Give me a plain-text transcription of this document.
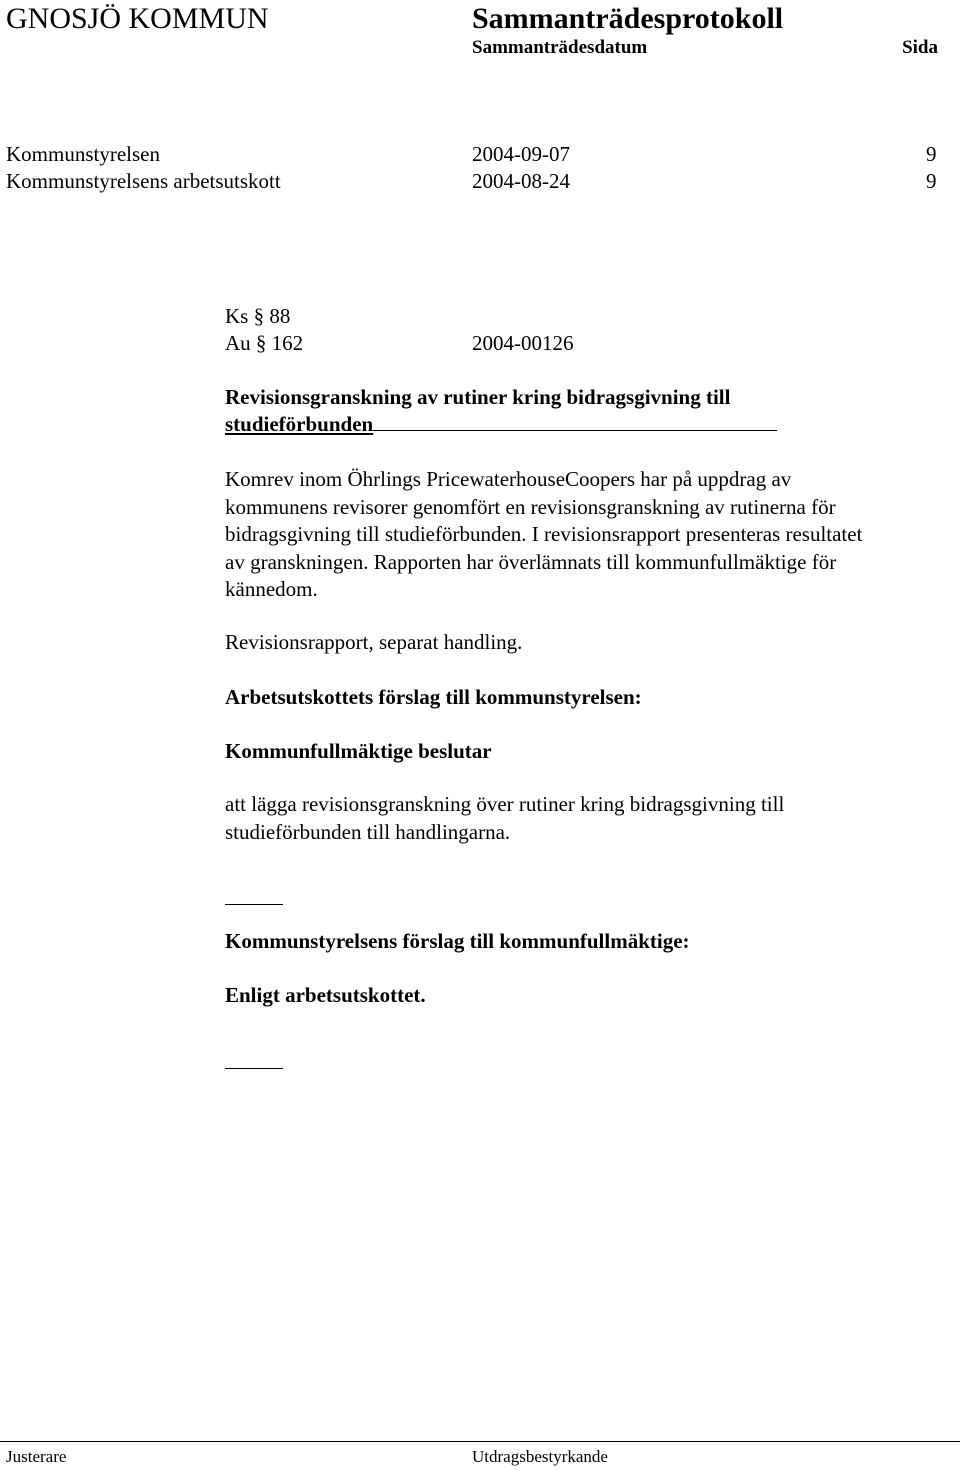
GNOSJÖ KOMMUN	Sammanträdesprotokoll
Sammanträdesdatum	Sida
Kommunstyrelsen	2004-09-07	9
Kommunstyrelsens arbetsutskott	2004-08-24	9
Ks § 88
Au § 162	2004-00126
Revisionsgranskning av rutiner kring bidragsgivning till
studieförbunden

Komrev inom Öhrlings PricewaterhouseCoopers har på uppdrag av

kommunens revisorer genomfört en revisionsgranskning av rutinerna för

bidragsgivning till studieförbunden. I revisionsrapport presenteras resultatet

av granskningen. Rapporten har överlämnats till kommunfullmäktige för

kännedom.

Revisionsrapport, separat handling.
Arbetsutskottets förslag till kommunstyrelsen:
Kommunfullmäktige beslutar

att lägga revisionsgranskning över rutiner kring bidragsgivning till

studieförbunden till handlingarna.

Kommunstyrelsens förslag till kommunfullmäktige:
Enligt arbetsutskottet.
Justerare	Utdragsbestyrkande
